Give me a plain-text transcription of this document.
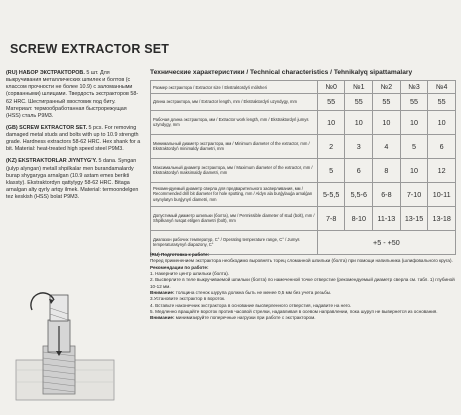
SCREW EXTRACTOR SET

(RU) НАБОР ЭКСТРАКТОРОВ. 5 шт. Для выкручивания металлических шпилек и болтов (с классом прочности не более 10.9) с заломанными (сорванными) шлицами. Твердость экстракторов 58-62 HRC. Шестигранный хвостовик под биту. Материал: термообработанная быстрорежущая (HSS) сталь Р9М3.

(GB) SCREW EXTRACTOR SET. 5 pcs. For removing damaged metal studs and bolts with up to 10.9 strength grade. Hardness extractors 58-62 HRC. Hex shank for a bit. Material: heat-treated high speed steel Р9М3.

(KZ) EKSTRAKTORLAR JIYNTYG'Y. 5 dana. Syngan (julyp alyngan) metall shpilkalar men burandamalardy burap shygaryga arnalgan (10.9 astam emes berikti klassty). Ekstraktordyn qattylygy 58-62 HRC. Bitaga arnalgan alty qyrly artqy ilmek. Material: termoondelgen tez keskish (HSS) bolat Р9М3.

Технические характеристики / Technical characteristics / Tehnikalyq sipattamalary
Размер экстрактора / Extractor size / Ekstraktordyń mólsheri	№0	№1	№2	№3	№4
Длина экстрактора, мм / Extractor length, mm / Ekstraktordyń uzyndygy, mm	55	55	55	55	55
Рабочая длина экстрактора, мм / Extractor work length, mm / Ekstraktordyń jumys uzyndygy, mm	10	10	10	10	10
Минимальный диаметр экстрактора, мм / Minimum diameter of the extractor, mm / Ekstraktordyń minimaldy diametri, mm	2	3	4	5	6
Максимальный диаметр экстрактора, мм / Maximum diameter of the extractor, mm / Ekstraktordyń maksimaldy diametri, mm	5	6	8	10	12
Рекомендуемый диаметр сверла для предварительного засверливания, мм / Recommended drill bit diameter for hole spotting, mm / Aldyn ala burǵylauǵa arnalǵan usynylatyn burǵynyń diametri, mm	5-5,5	5,5-6	6-8	7-10	10-11
Допустимый диаметр шпильки (болта), мм / Permissible diameter of stud (bolt), mm / Shpilkanyń rusqat etilgen diametri (bolt), mm	7-8	8-10	11-13	13-15	13-18
Диапазон рабочих температур, С° / Operating temperature range, С° / Jumys temperaturasynyń diapazony, С°	+5 - +50				

(RU) Подготовка к работе:

Перед применением экстрактора необходимо выровнять торец сломанной шпильки (болта) при помощи напильника (шлифовального круга).

Рекомендации по работе:

1. Накерните центр шпильки (болта).

2. Высверлите в теле выкручиваемой шпильки (болта) по намеченной точке отверстие (рекомендуемый диаметр сверла см. табл. 1) глубиной 10-12 мм.

Внимание: толщина стенок шурупа должна быть не менее 0,5 мм без учета резьбы.

3.Установите экстрактор в вороток.

4. Вставьте наконечник экстрактора в основание высверленного отверстия, надавите на него.

5. Медленно вращайте вороток против часовой стрелки, надавливая в осевом направлении, пока шуруп не вывернется из основания.

Внимание: минимизируйте поперечные нагрузки при работе с экстрактором.
